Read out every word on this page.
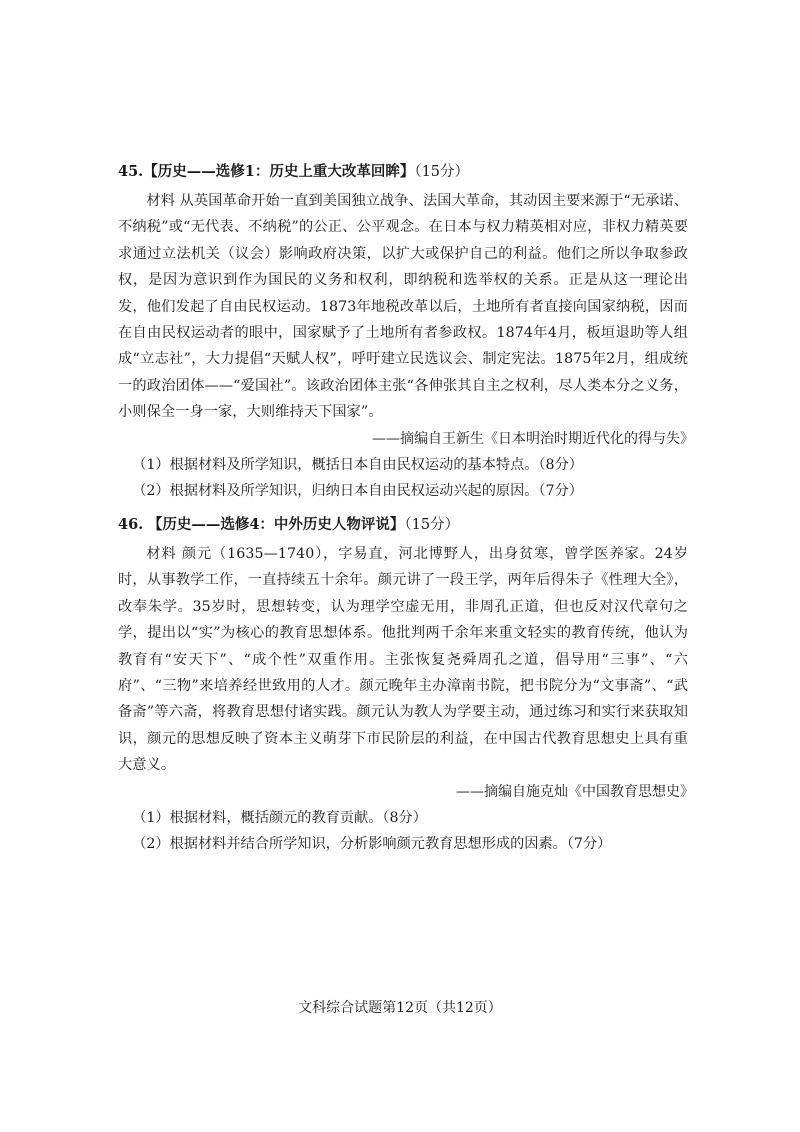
45.【历史——选修1：历史上重大改革回眸】（15分）

材料 从英国革命开始一直到美国独立战争、法国大革命，其动因主要来源于“无承诺、不纳税”或“无代表、不纳税”的公正、公平观念。在日本与权力精英相对应，非权力精英要求通过立法机关（议会）影响政府决策，以扩大或保护自己的利益。他们之所以争取参政权，是因为意识到作为国民的义务和权利，即纳税和选举权的关系。正是从这一理论出发，他们发起了自由民权运动。1873年地税改革以后，土地所有者直接向国家纳税，因而在自由民权运动者的眼中，国家赋予了土地所有者参政权。1874年4月，板垣退助等人组成“立志社”，大力提倡“天赋人权”，呼吁建立民选议会、制定宪法。1875年2月，组成统一的政治团体——“爱国社”。该政治团体主张“各伸张其自主之权利，尽人类本分之义务，小则保全一身一家，大则维持天下国家”。

——摘编自王新生《日本明治时期近代化的得与失》

（1）根据材料及所学知识，概括日本自由民权运动的基本特点。（8分）

（2）根据材料及所学知识，归纳日本自由民权运动兴起的原因。（7分）

46. 【历史——选修4：中外历史人物评说】（15分）

材料 颜元（1635—1740），字易直，河北博野人，出身贫寒，曾学医养家。24岁时，从事教学工作，一直持续五十余年。颜元讲了一段王学，两年后得朱子《性理大全》，改奉朱学。35岁时，思想转变，认为理学空虚无用，非周孔正道，但也反对汉代章句之学，提出以“实”为核心的教育思想体系。他批判两千余年来重文轻实的教育传统，他认为教育有“安天下”、“成个性”双重作用。主张恢复尧舜周孔之道，倡导用“三事”、“六府”、“三物”来培养经世致用的人才。颜元晚年主办漳南书院，把书院分为“文事斋”、“武备斋”等六斋，将教育思想付诸实践。颜元认为教人为学要主动，通过练习和实行来获取知识，颜元的思想反映了资本主义萌芽下市民阶层的利益，在中国古代教育思想史上具有重大意义。

——摘编自施克灿《中国教育思想史》

（1）根据材料，概括颜元的教育贡献。（8分）

（2）根据材料并结合所学知识，分析影响颜元教育思想形成的因素。（7分）

文科综合试题第12页（共12页）
